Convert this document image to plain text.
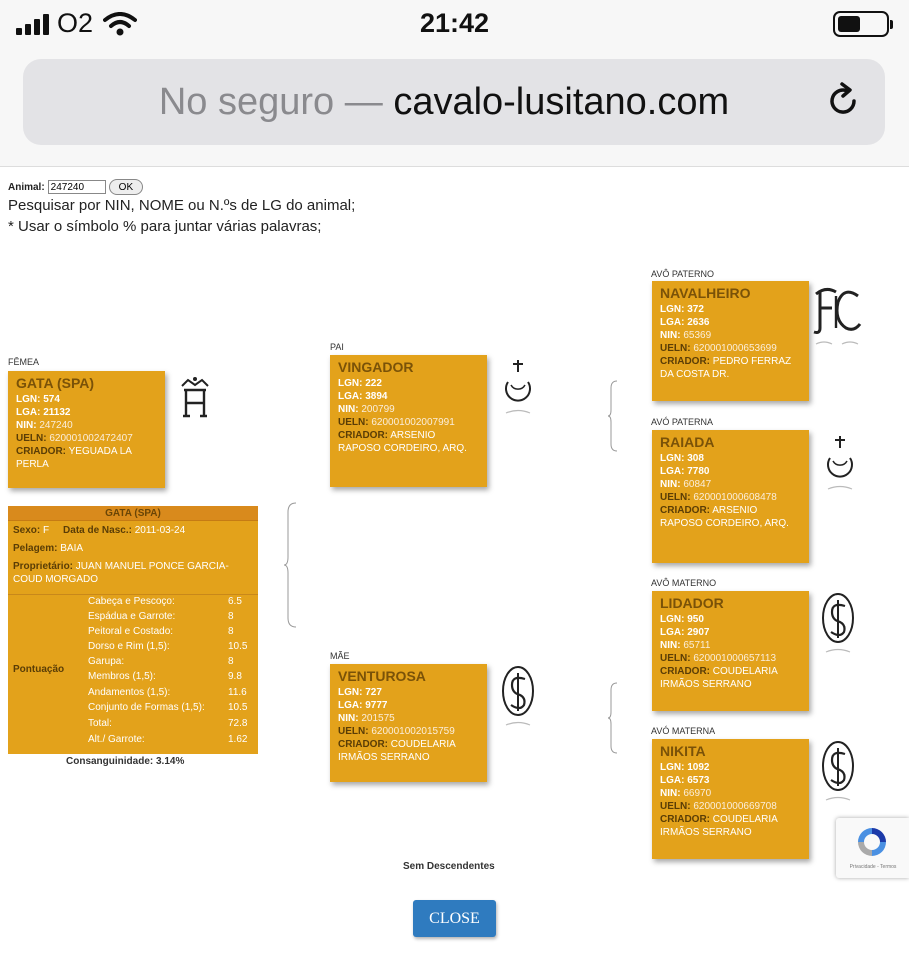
O2	21:42
No seguro — cavalo-lusitano.com
Animal:
247240	OK
Pesquisar por NIN, NOME ou N.ºs de LG do animal;
* Usar o símbolo % para juntar várias palavras;
FÊMEA
GATA (SPA)
LGN: 574
LGA: 21132
NIN: 247240
UELN: 620001002472407
CRIADOR: YEGUADA LA PERLA
GATA (SPA)
Sexo: F Data de Nasc.: 2011-03-24
Pelagem: BAIA
Proprietário: JUAN MANUEL PONCE GARCIA-COUD MORGADO
Pontuação
Cabeça e Pescoço:	6.5
Espádua e Garrote:	8
Peitoral e Costado:	8
Dorso e Rim (1,5):	10.5
Garupa:	8
Membros (1,5):	9.8
Andamentos (1,5):	11.6
Conjunto de Formas (1,5): 10.5
Total:	72.8
Alt./ Garrote:	1.62
Consanguinidade: 3.14%
PAI
VINGADOR
LGN: 222
LGA: 3894
NIN: 200799
UELN: 620001002007991
CRIADOR: ARSENIO RAPOSO CORDEIRO, ARQ.
MÃE
VENTUROSA
LGN: 727
LGA: 9777
NIN: 201575
UELN: 620001002015759
CRIADOR: COUDELARIA IRMÃOS SERRANO
AVÔ PATERNO
NAVALHEIRO
LGN: 372
LGA: 2636
NIN: 65369
UELN: 620001000653699
CRIADOR: PEDRO FERRAZ DA COSTA DR.
AVÓ PATERNA
RAIADA
LGN: 308
LGA: 7780
NIN: 60847
UELN: 620001000608478
CRIADOR: ARSENIO RAPOSO CORDEIRO, ARQ.
AVÔ MATERNO
LIDADOR
LGN: 950
LGA: 2907
NIN: 65711
UELN: 620001000657113
CRIADOR: COUDELARIA IRMÃOS SERRANO
AVÓ MATERNA
NIKITA
LGN: 1092
LGA: 6573
NIN: 66970
UELN: 620001000669708
CRIADOR: COUDELARIA IRMÃOS SERRANO
Sem Descendentes
CLOSE
Privacidade - Termos
